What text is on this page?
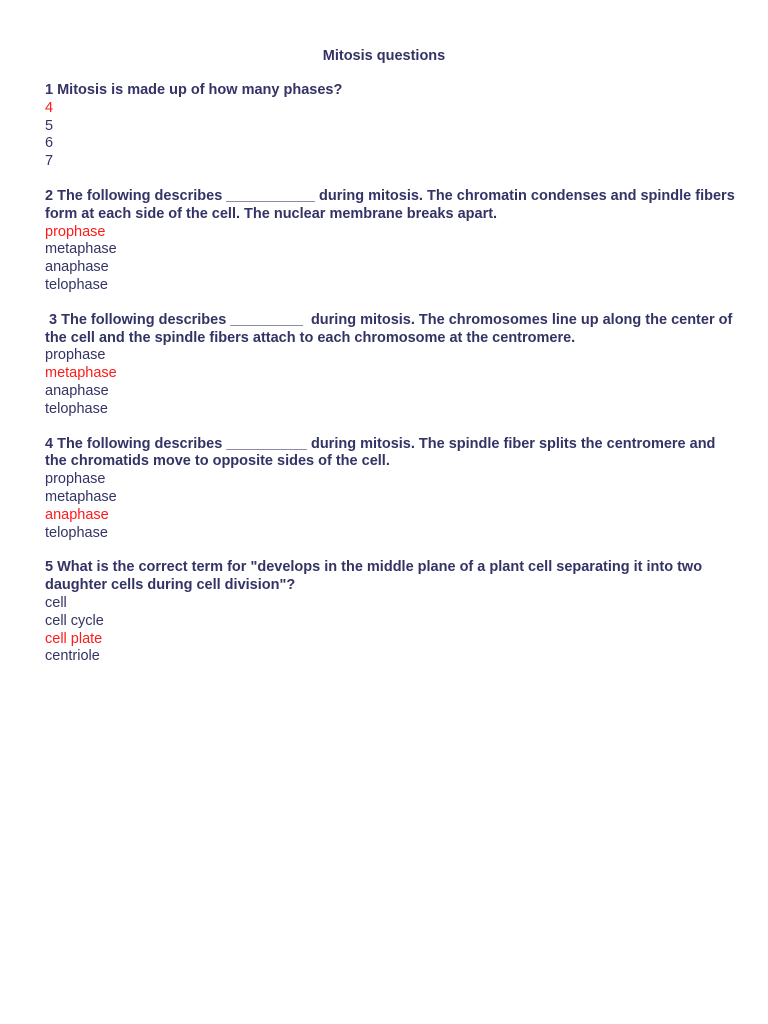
Mitosis questions
1 Mitosis is made up of how many phases?
4
5
6
7
2 The following describes ___________ during mitosis. The chromatin condenses and spindle fibers form at each side of the cell. The nuclear membrane breaks apart.
prophase
metaphase
anaphase
telophase
3 The following describes _________  during mitosis. The chromosomes line up along the center of the cell and the spindle fibers attach to each chromosome at the centromere.
prophase
metaphase
anaphase
telophase
4 The following describes __________ during mitosis. The spindle fiber splits the centromere and the chromatids move to opposite sides of the cell.
prophase
metaphase
anaphase
telophase
5 What is the correct term for "develops in the middle plane of a plant cell separating it into two daughter cells during cell division"?
cell
cell cycle
cell plate
centriole
